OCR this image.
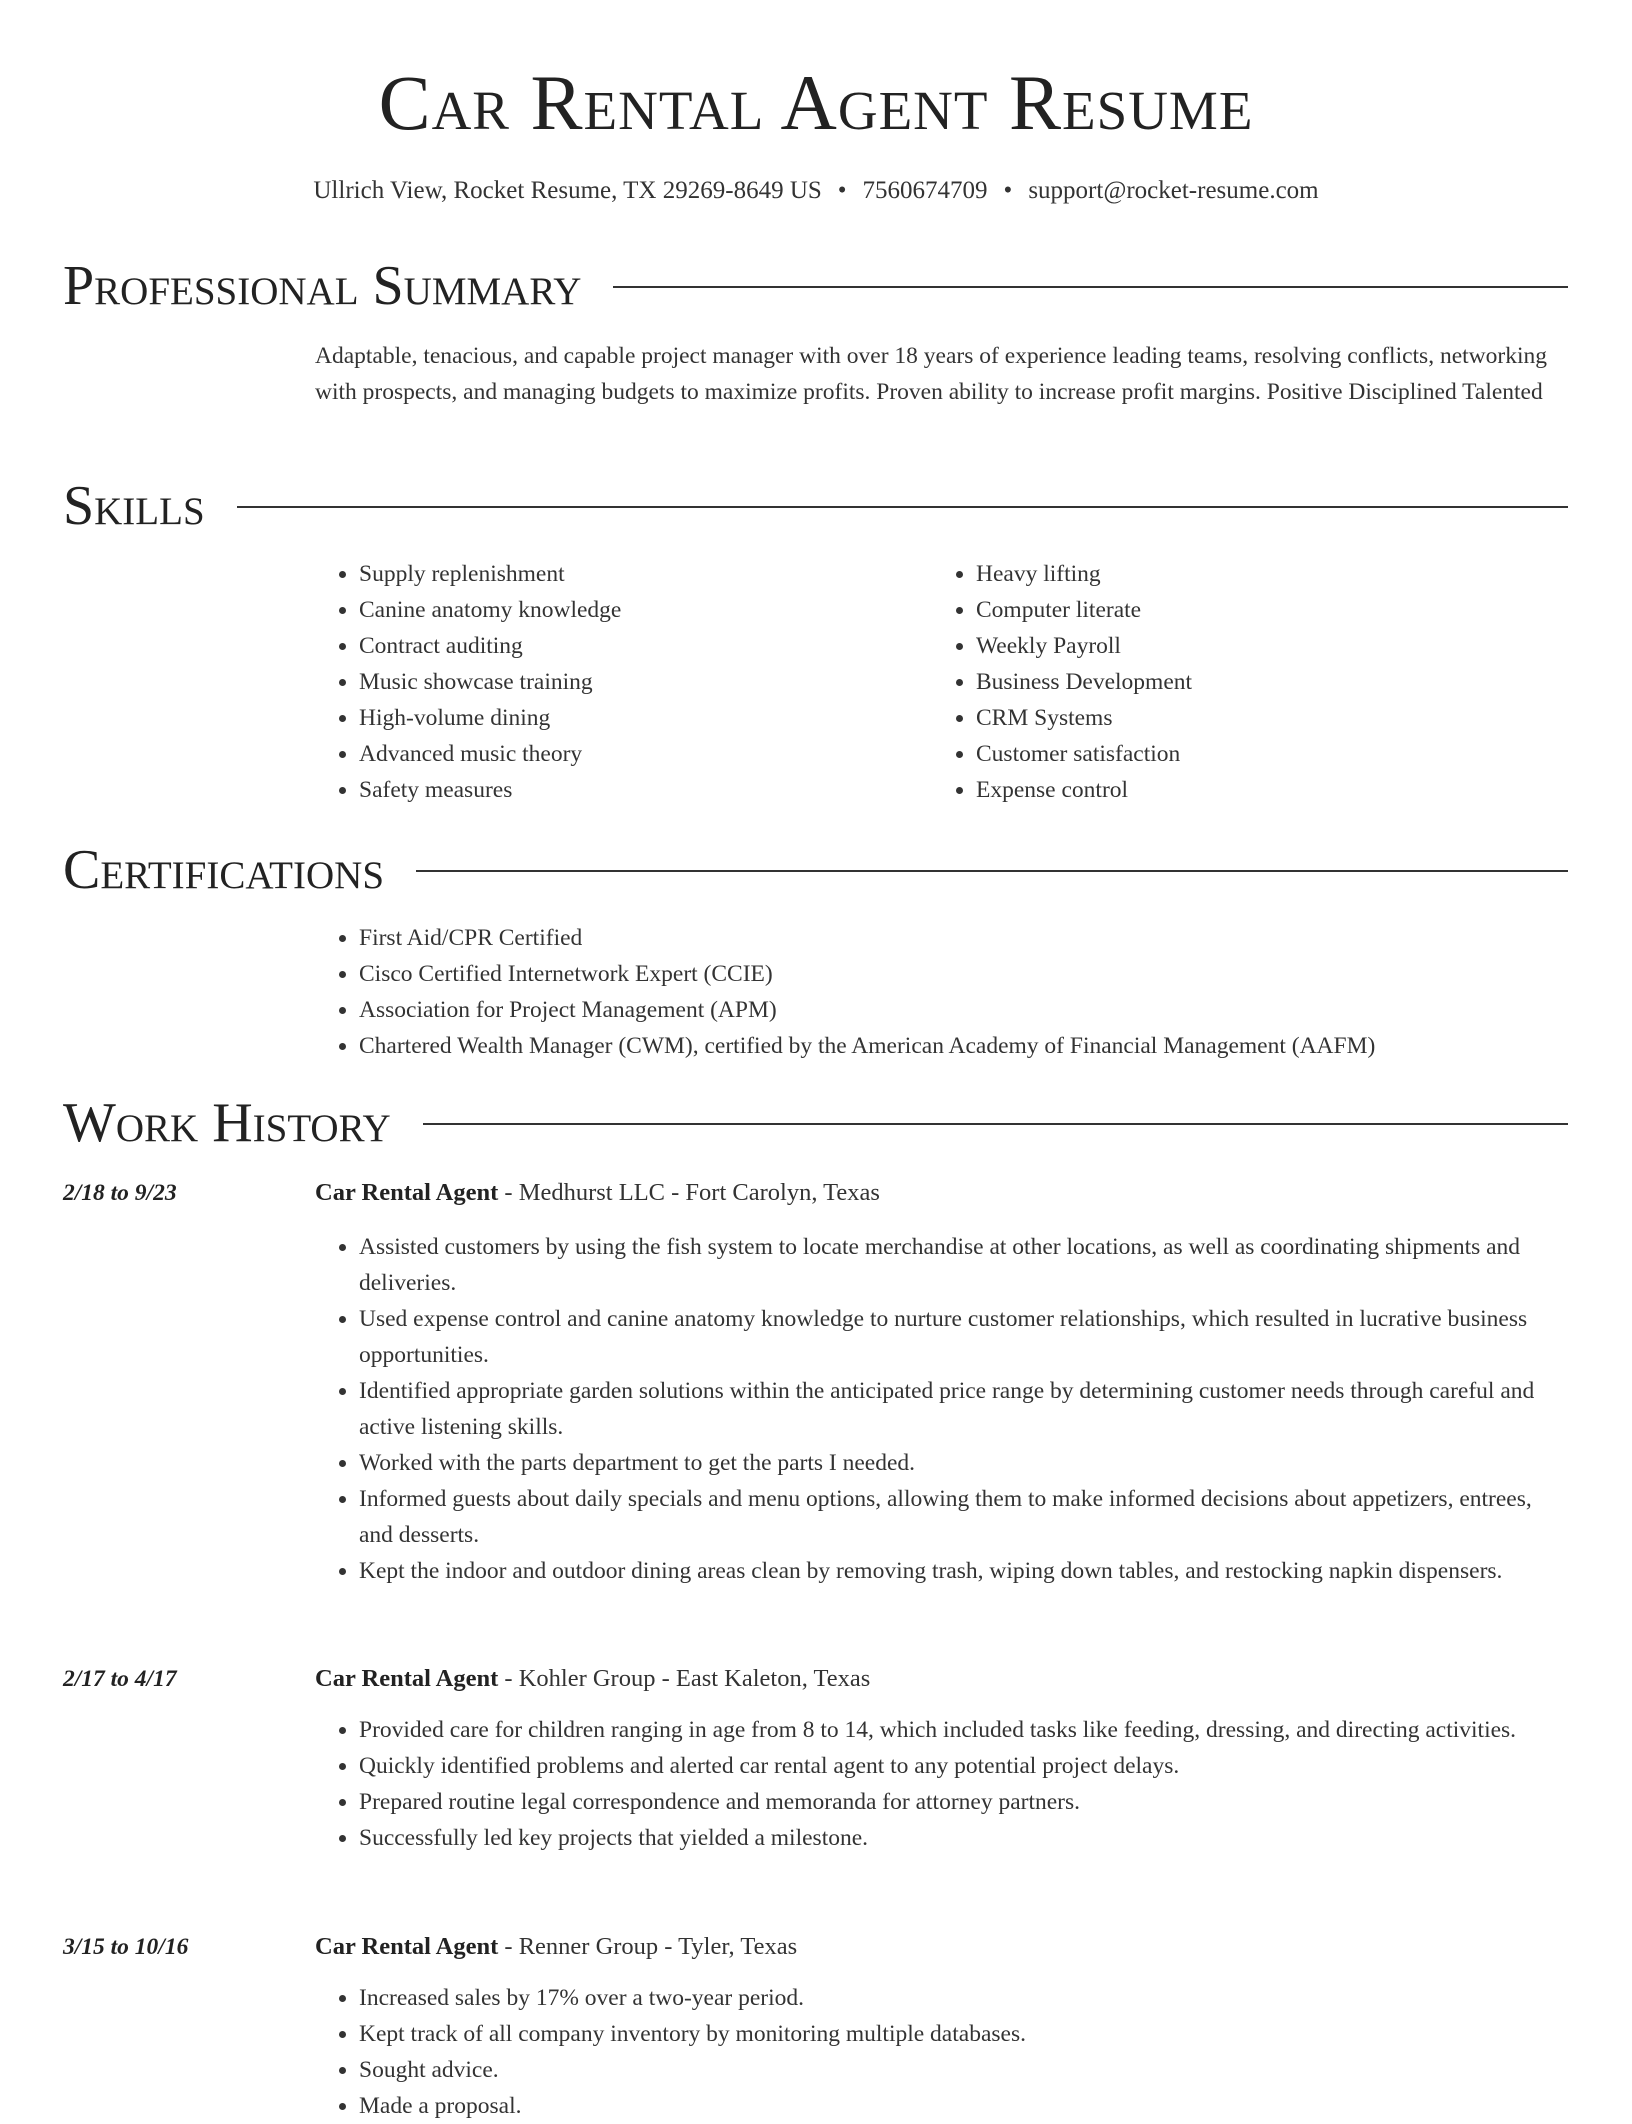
Car Rental Agent Resume
Ullrich View, Rocket Resume, TX 29269-8649 US • 7560674709 • support@rocket-resume.com
Professional Summary
Adaptable, tenacious, and capable project manager with over 18 years of experience leading teams, resolving conflicts, networking with prospects, and managing budgets to maximize profits. Proven ability to increase profit margins. Positive Disciplined Talented
Skills
• Supply replenishment
• Canine anatomy knowledge
• Contract auditing
• Music showcase training
• High-volume dining
• Advanced music theory
• Safety measures
• Heavy lifting
• Computer literate
• Weekly Payroll
• Business Development
• CRM Systems
• Customer satisfaction
• Expense control
Certifications
• First Aid/CPR Certified
• Cisco Certified Internetwork Expert (CCIE)
• Association for Project Management (APM)
• Chartered Wealth Manager (CWM), certified by the American Academy of Financial Management (AAFM)
Work History
2/18 to 9/23	Car Rental Agent - Medhurst LLC - Fort Carolyn, Texas
• Assisted customers by using the fish system to locate merchandise at other locations, as well as coordinating shipments and deliveries.
• Used expense control and canine anatomy knowledge to nurture customer relationships, which resulted in lucrative business opportunities.
• Identified appropriate garden solutions within the anticipated price range by determining customer needs through careful and active listening skills.
• Worked with the parts department to get the parts I needed.
• Informed guests about daily specials and menu options, allowing them to make informed decisions about appetizers, entrees, and desserts.
• Kept the indoor and outdoor dining areas clean by removing trash, wiping down tables, and restocking napkin dispensers.
2/17 to 4/17	Car Rental Agent - Kohler Group - East Kaleton, Texas
• Provided care for children ranging in age from 8 to 14, which included tasks like feeding, dressing, and directing activities.
• Quickly identified problems and alerted car rental agent to any potential project delays.
• Prepared routine legal correspondence and memoranda for attorney partners.
• Successfully led key projects that yielded a milestone.
3/15 to 10/16	Car Rental Agent - Renner Group - Tyler, Texas
• Increased sales by 17% over a two-year period.
• Kept track of all company inventory by monitoring multiple databases.
• Sought advice.
• Made a proposal.
